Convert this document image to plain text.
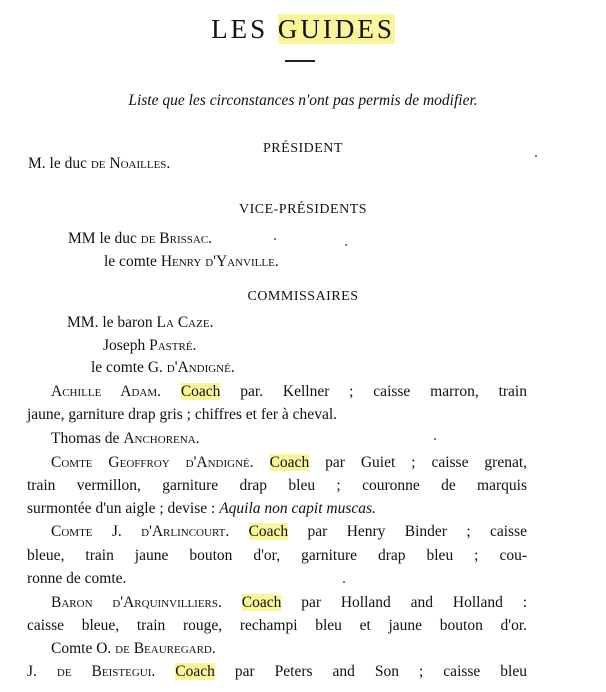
LES GUIDES
Liste que les circonstances n'ont pas permis de modifier.
PRÉSIDENT
M. le duc de Noailles.
VICE-PRÉSIDENTS
MM le duc de Brissac.
le comte Henry d'Yanville.
COMMISSAIRES
MM. le baron La Caze.
Joseph Pastré.
le comte G. d'Andigné.
Achille Adam. Coach par. Kellner ; caisse marron, train
jaune, garniture drap gris ; chiffres et fer à cheval.
Thomas de Anchorena.
Comte Geoffroy d'Andigné. Coach par Guiet ; caisse grenat,
train vermillon, garniture drap bleu ; couronne de marquis
surmontée d'un aigle ; devise : Aquila non capit muscas.
Comte J. d'Arlincourt. Coach par Henry Binder ; caisse
bleue, train jaune bouton d'or, garniture drap bleu ; cou-
ronne de comte.
Baron d'Arquinvilliers. Coach par Holland and Holland :
caisse bleue, train rouge, rechampi bleu et jaune bouton d'or.
Comte O. de Beauregard.
J. de Beistegui. Coach par Peters and Son ; caisse bleu
